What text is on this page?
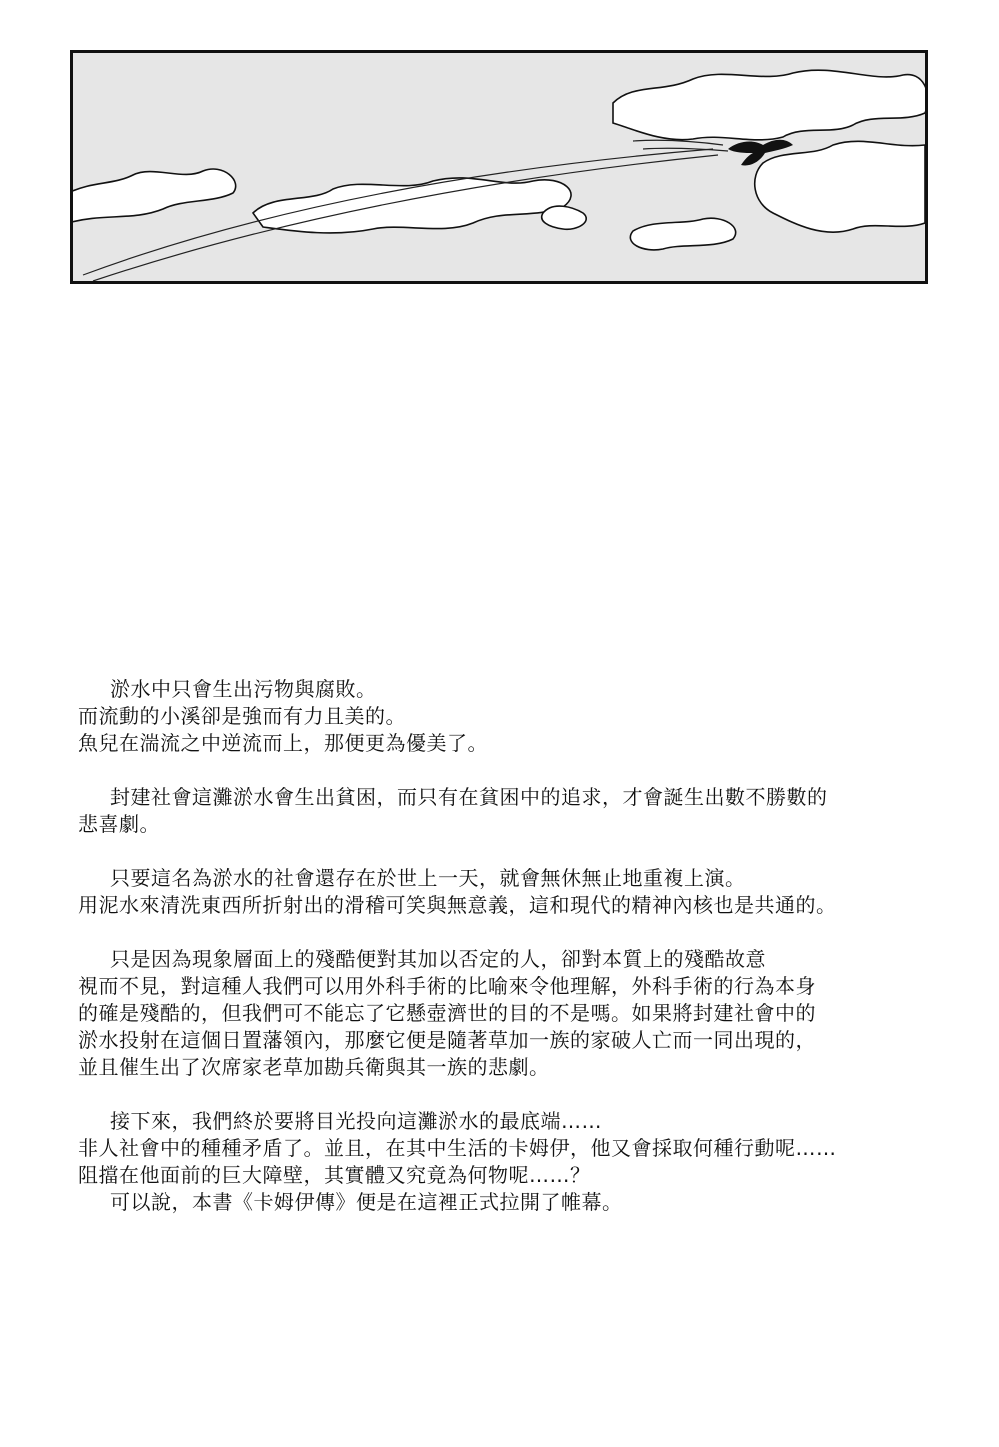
淤水中只會生出污物與腐敗。
而流動的小溪卻是強而有力且美的。
魚兒在湍流之中逆流而上，那便更為優美了。
封建社會這灘淤水會生出貧困，而只有在貧困中的追求，才會誕生出數不勝數的
悲喜劇。
只要這名為淤水的社會還存在於世上一天，就會無休無止地重複上演。
用泥水來清洗東西所折射出的滑稽可笑與無意義，這和現代的精神內核也是共通的。
只是因為現象層面上的殘酷便對其加以否定的人，卻對本質上的殘酷故意
視而不見，對這種人我們可以用外科手術的比喻來令他理解，外科手術的行為本身
的確是殘酷的，但我們可不能忘了它懸壺濟世的目的不是嗎。如果將封建社會中的
淤水投射在這個日置藩領內，那麼它便是隨著草加一族的家破人亡而一同出現的，
並且催生出了次席家老草加勘兵衛與其一族的悲劇。
接下來，我們終於要將目光投向這灘淤水的最底端……
非人社會中的種種矛盾了。並且，在其中生活的卡姆伊，他又會採取何種行動呢……
阻擋在他面前的巨大障壁，其實體又究竟為何物呢……？
可以說，本書《卡姆伊傳》便是在這裡正式拉開了帷幕。
